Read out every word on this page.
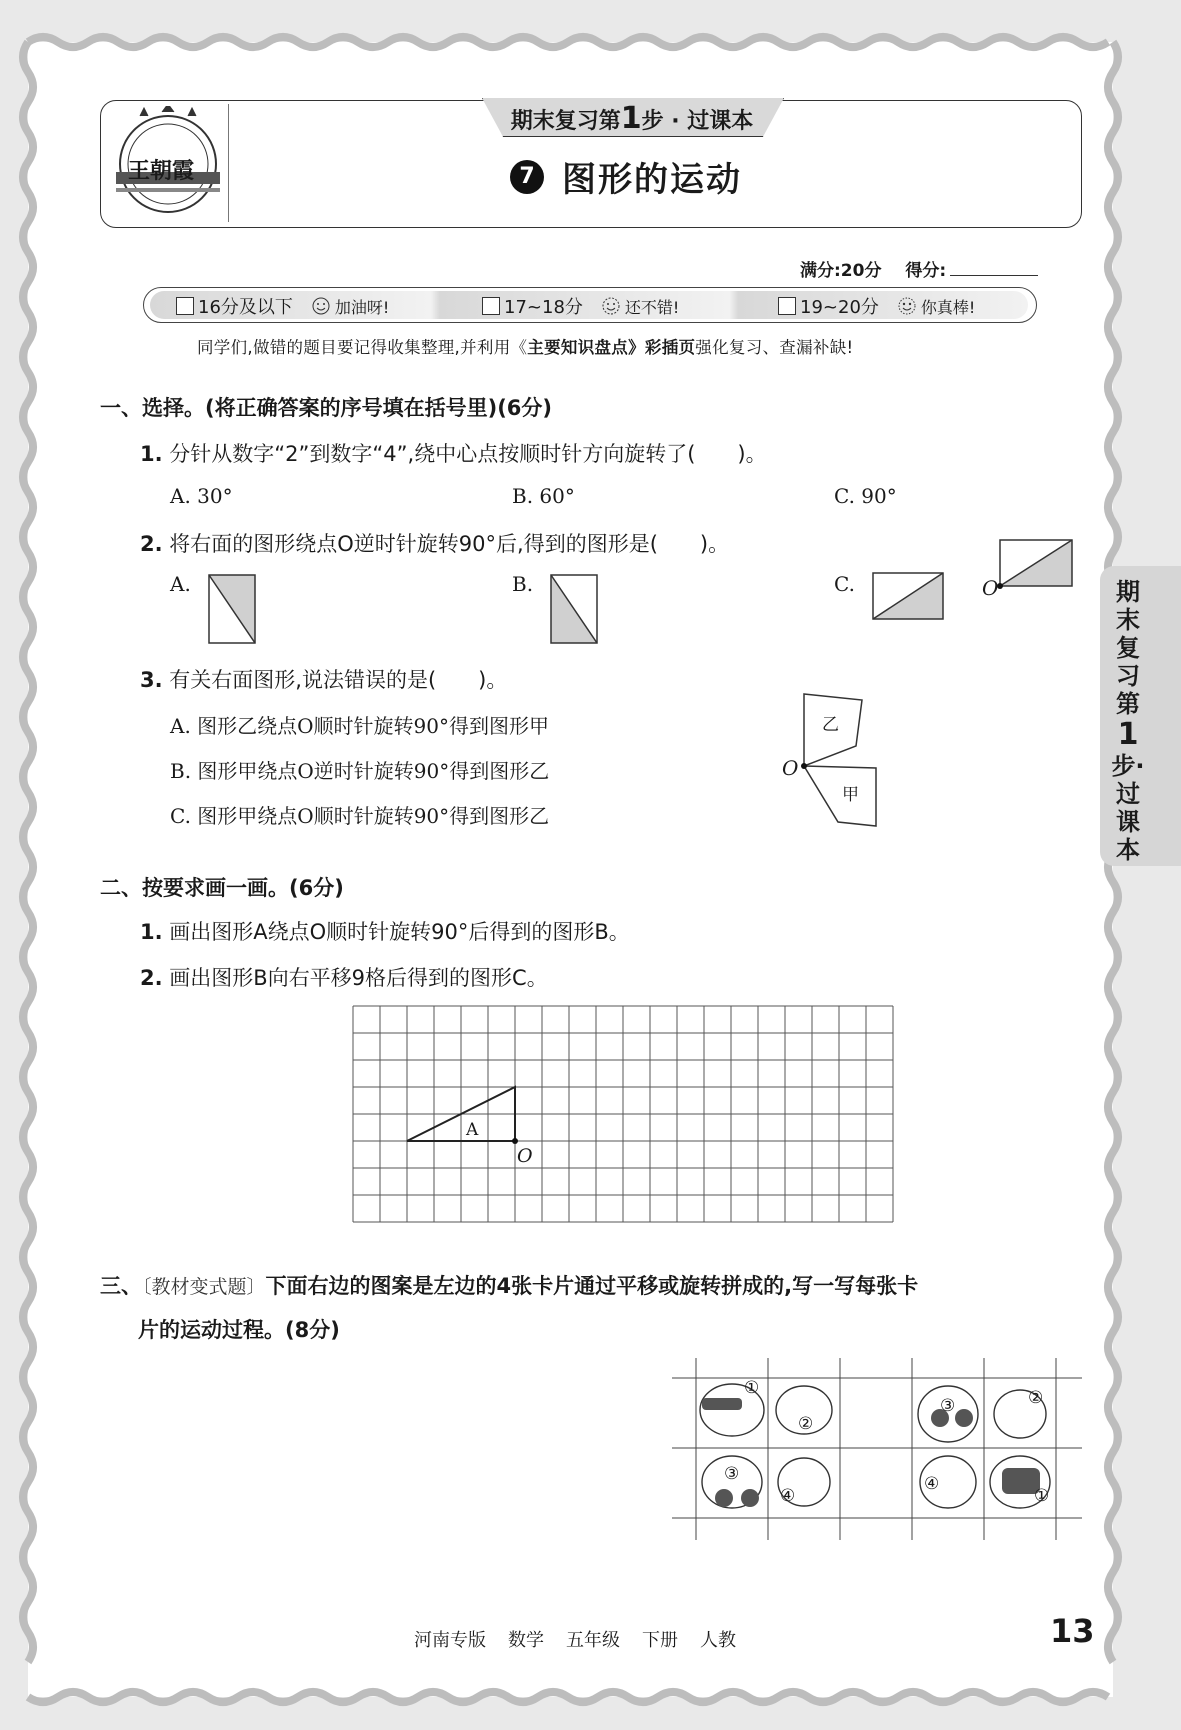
王朝霞
期末复习第1步 · 过课本
7 图形的运动
满分:20分 得分:
16分及以下	加油呀!	17~18分	还不错!	19~20分	你真棒!
同学们,做错的题目要记得收集整理,并利用《主要知识盘点》彩插页强化复习、查漏补缺!
一、选择。(将正确答案的序号填在括号里)(6分)
1. 分针从数字“2”到数字“4”,绕中心点按顺时针方向旋转了(　　)。
A. 30°	B. 60°	C. 90°
2. 将右面的图形绕点O逆时针旋转90°后,得到的图形是(　　)。
O
A.	B.	C.
3. 有关右面图形,说法错误的是(　　)。
A. 图形乙绕点O顺时针旋转90°得到图形甲
B. 图形甲绕点O逆时针旋转90°得到图形乙
C. 图形甲绕点O顺时针旋转90°得到图形乙
乙
甲
O
二、按要求画一画。(6分)
1. 画出图形A绕点O顺时针旋转90°后得到的图形B。
2. 画出图形B向右平移9格后得到的图形C。
A
O
三、〔教材变式题〕下面右边的图案是左边的4张卡片通过平移或旋转拼成的,写一写每张卡
片的运动过程。(8分)
①
②
③
④
③	②
④
①
期末复习第
1
步·过课本
河南专版 数学 五年级 下册 人教	13
